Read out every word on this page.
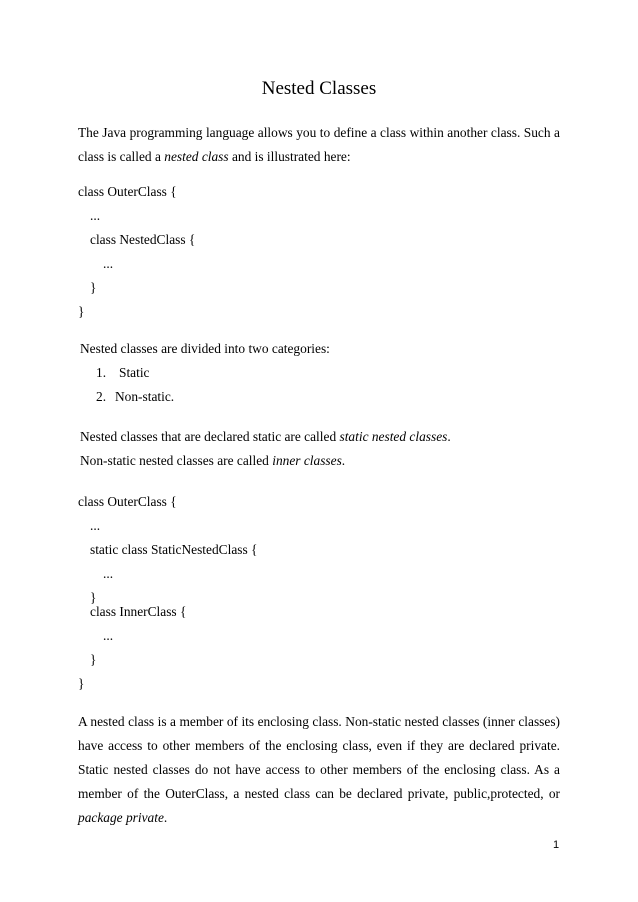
Nested Classes
The Java programming language allows you to define a class within another class. Such a class is called a nested class and is illustrated here:
class OuterClass {
...
class NestedClass {
...
}
}
Nested classes are divided into two categories:
1. Static
2. Non-static.
Nested classes that are declared static are called static nested classes.
Non-static nested classes are called inner classes.
class OuterClass {
...
static class StaticNestedClass {
...
}
class InnerClass {
...
}
}
A nested class is a member of its enclosing class. Non-static nested classes (inner classes) have access to other members of the enclosing class, even if they are declared private. Static nested classes do not have access to other members of the enclosing class. As a member of the OuterClass, a nested class can be declared private, public,protected, or package private.
1
